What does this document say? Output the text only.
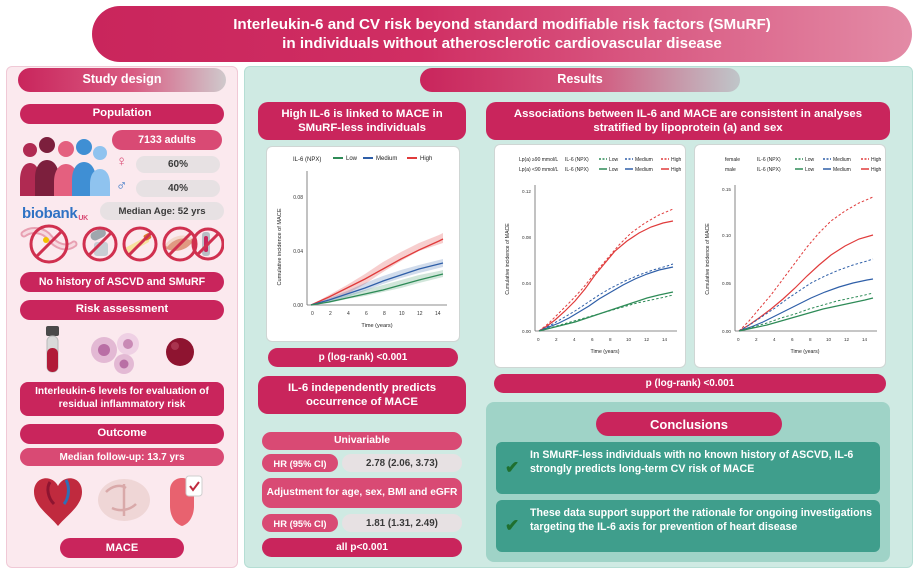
Interleukin-6 and CV risk beyond standard modifiable risk factors (SMuRF)
in individuals without atherosclerotic cardiovascular disease
Study design	Results
Population
7133 adults
♀	60%
♂	40%
Median Age: 52 yrs
biobank$_{UK}$
No history of ASCVD and SMuRF
Risk assessment
Interleukin-6 levels for evaluation of residual inflammatory risk
Outcome
Median follow-up: 13.7 yrs
MACE
High IL-6 is linked to MACE in SMuRF-less individuals
IL-6 (NPX)	Low	Medium	High
0.00
0.04
0.08
Cumulative incidence of MACE
0	2	4	6	8	10 12 14
Time (years)
p (log-rank) <0.001
IL-6 independently predicts occurrence of MACE
Univariable
HR (95% CI)	2.78 (2.06, 3.73)
Adjustment for age, sex, BMI and eGFR
HR (95% CI)	1.81 (1.31, 2.49)
all p<0.001
Associations between IL-6 and MACE are consistent in analyses stratified by lipoprotein (a) and sex
Lp(a) ≥90 mmol/L IL-6 (NPX)	Low	Medium	High
Lp(a) <90 mmol/L IL-6 (NPX)	Low	Medium	High
0.00
0.04
0.08
0.12
Cumulative incidence of MACE
0	2	4	6	8	10	12	14
Time (years)
female	IL-6 (NPX)	Low	Medium	High
male	IL-6 (NPX)	Low	Medium	High
0.00
0.05
0.10
0.15
Cumulative incidence of MACE
0	2	4	6	8	10	12	14
Time (years)
p (log-rank) <0.001
Conclusions
✔
In SMuRF-less individuals with no known history of ASCVD, IL-6 strongly predicts long-term CV risk of MACE
✔
These data support support the rationale for ongoing investigations targeting the IL-6 axis for prevention of heart disease
